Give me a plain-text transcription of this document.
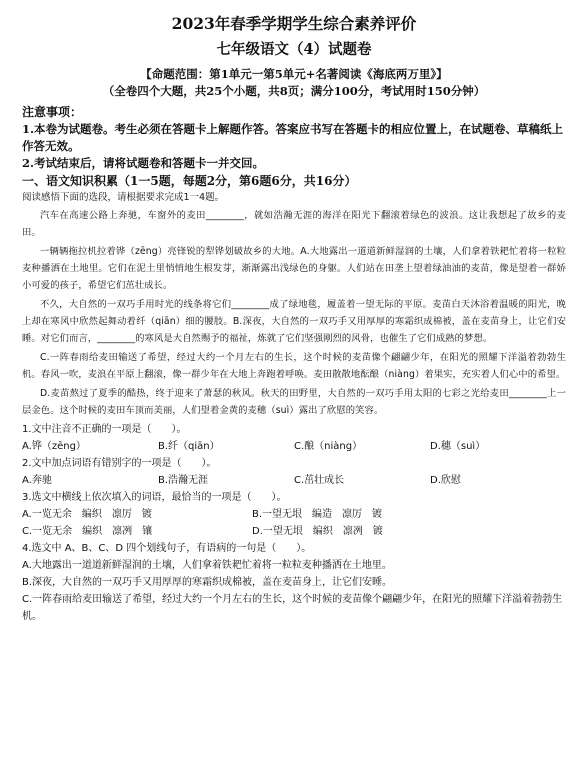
2023年春季学期学生综合素养评价
七年级语文（4）试题卷
【命题范围：第1单元一第5单元+名著阅读《海底两万里》】
（全卷四个大题，共25个小题，共8页；满分100分，考试用时150分钟）
注意事项：
1.本卷为试题卷。考生必须在答题卡上解题作答。答案应书写在答题卡的相应位置上，在试题卷、草稿纸上作答无效。
2.考试结束后，请将试题卷和答题卡一并交回。
一、语文知识积累（1一5题，每题2分，第6题6分，共16分）
阅读感悟下面的选段，请根据要求完成1一4题。

汽车在高速公路上奔驰，车窗外的麦田________，就如浩瀚无涯的海洋在阳光下翻滚着绿色的波浪。这让我想起了故乡的麦田。

一辆辆拖拉机拉着铧（zēng）亮锋锐的犁铧划破故乡的大地。A.大地露出一道道新鲜湿润的土壤，人们拿着铁耙忙着将一粒粒麦种播洒在土地里。它们在泥土里悄悄地生根发芽，渐渐露出浅绿色的身躯。人们站在田垄上望着绿油油的麦苗，像是望着一群娇小可爱的孩子，希望它们茁壮成长。

不久，大自然的一双巧手用时光的线条将它们________成了绿地毯，履盖着一望无际的平原。麦苗白天沐浴着温暖的阳光，晚上却在寒风中欣然起舞动着纤（qiān）细的腰肢。B.深夜，大自然的一双巧手又用厚厚的寒霜织成棉被，盖在麦苗身上，让它们安睡。对它们而言，________的寒风是大自然赐予的福祉，炼就了它们坚强刚烈的风骨，也催生了它们成熟的梦想。

C.一阵春雨给麦田输送了希望，经过大约一个月左右的生长，这个时候的麦苗像个翩翩少年，在阳光的照耀下洋溢着勃勃生机。春风一吹，麦浪在平原上翻滚，像一群少年在大地上奔跑着呼唤。麦田散散地酝酿（niàng）着果实，充实着人们心中的希望。

D.麦苗熬过了夏季的酷热，终于迎来了萧瑟的秋风。秋天的田野里，大自然的一双巧手用太阳的七彩之光给麦田________上一层金色。这个时候的麦田车顶而美丽，人们望着金黄的麦穗（suì）露出了欣慰的笑容。

1.文中注音不正确的一项是（　　）。
A.铧（zēng）	B.纤（qiān）	C.酿（niàng）	D.穗（suì）
2.文中加点词语有错别字的一项是（　　）。
A.奔驰	B.浩瀚无涯	C.茁壮成长	D.欣慰
3.选文中横线上依次填入的词语，最恰当的一项是（　　）。
A.一览无余　编织　凛厉　镀	B.一望无垠　编造　凛厉　镀
C.一览无余　编织　凛冽　镶	D.一望无垠　编织　凛冽　镀
4.选文中 A、B、C、D 四个划线句子，有语病的一句是（　　）。
A.大地露出一道道新鲜湿润的土壤，人们拿着铁耙忙着将一粒粒麦种播洒在土地里。
B.深夜，大自然的一双巧手又用厚厚的寒霜织成棉被，盖在麦苗身上，让它们安睡。
C.一阵春雨给麦田输送了希望，经过大约一个月左右的生长，这个时候的麦苗像个翩翩少年，在阳光的照耀下洋溢着勃勃生机。
